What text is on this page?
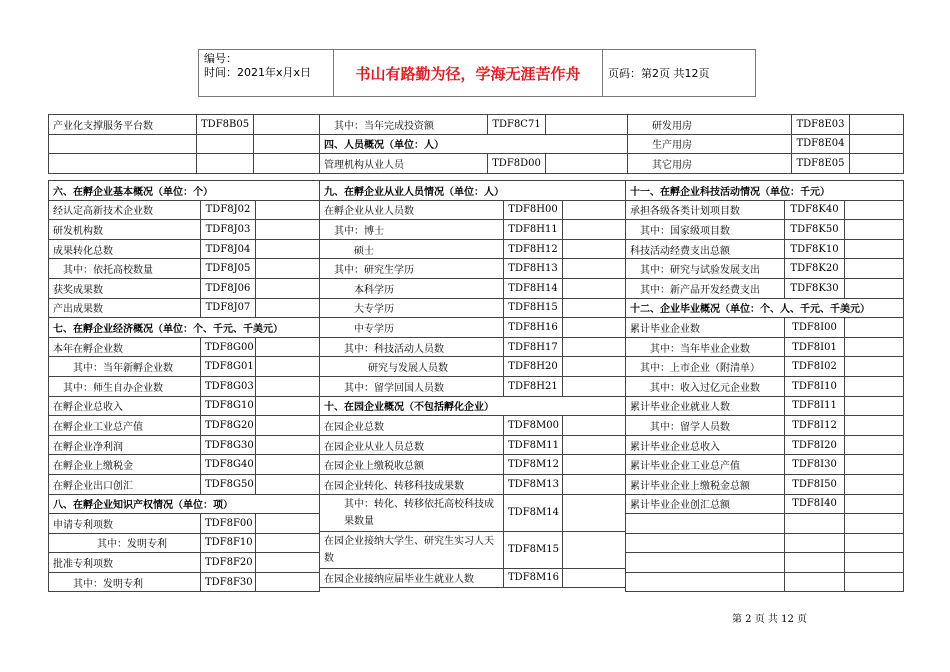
编号：
时间：2021年x月x日	书山有路勤为径，学海无涯苦作舟	页码：第2页 共12页
产业化支撑服务平台数	TDF8B05		其中：当年完成投资额	TDF8C71		研发用房	TDF8E03	
			四、人员概况（单位：人）			生产用房	TDF8E04	
			管理机构从业人员	TDF8D00		其它用房	TDF8E05	
六、在孵企业基本概况（单位：个）		
经认定高新技术企业数	TDF8J02	
研发机构数	TDF8J03	
成果转化总数	TDF8J04	
其中：依托高校数量	TDF8J05	
获奖成果数	TDF8J06	
产出成果数	TDF8J07	
七、在孵企业经济概况（单位：个、千元、千美元）		
本年在孵企业数	TDF8G00	
其中：当年新孵企业数	TDF8G01	
其中：师生自办企业数	TDF8G03	
在孵企业总收入	TDF8G10	
在孵企业工业总产值	TDF8G20	
在孵企业净利润	TDF8G30	
在孵企业上缴税金	TDF8G40	
在孵企业出口创汇	TDF8G50	
八、在孵企业知识产权情况（单位：项）		
申请专利项数	TDF8F00	
其中：发明专利	TDF8F10	
批准专利项数	TDF8F20	
其中：发明专利	TDF8F30	
九、在孵企业从业人员情况（单位：人）		
在孵企业从业人员数	TDF8H00	
其中：博士	TDF8H11	
硕士	TDF8H12	
其中：研究生学历	TDF8H13	
本科学历	TDF8H14	
大专学历	TDF8H15	
中专学历	TDF8H16	
其中：科技活动人员数	TDF8H17	
研究与发展人员数	TDF8H20	
其中：留学回国人员数	TDF8H21	
十、在园企业概况（不包括孵化企业）		
在园企业总数	TDF8M00	
在园企业从业人员总数	TDF8M11	
在园企业上缴税收总额	TDF8M12	
在园企业转化、转移科技成果数	TDF8M13	
其中：转化、转移依托高校科技成果数量	TDF8M14	
在园企业接纳大学生、研究生实习人天数	TDF8M15	
在园企业接纳应届毕业生就业人数	TDF8M16	
十一、在孵企业科技活动情况（单位：千元）		
承担各级各类计划项目数	TDF8K40	
其中：国家级项目数	TDF8K50	
科技活动经费支出总额	TDF8K10	
其中：研究与试验发展支出	TDF8K20	
其中：新产品开发经费支出	TDF8K30	
十二、企业毕业概况（单位：个、人、千元、千美元）		
累计毕业企业数	TDF8I00	
其中：当年毕业企业数	TDF8I01	
其中：上市企业（附清单）	TDF8I02	
其中：收入过亿元企业数	TDF8I10	
累计毕业企业就业人数	TDF8I11	
其中：留学人员数	TDF8I12	
累计毕业企业总收入	TDF8I20	
累计毕业企业工业总产值	TDF8I30	
累计毕业企业上缴税金总额	TDF8I50	
累计毕业企业创汇总额	TDF8I40	

第 2 页 共 12 页
